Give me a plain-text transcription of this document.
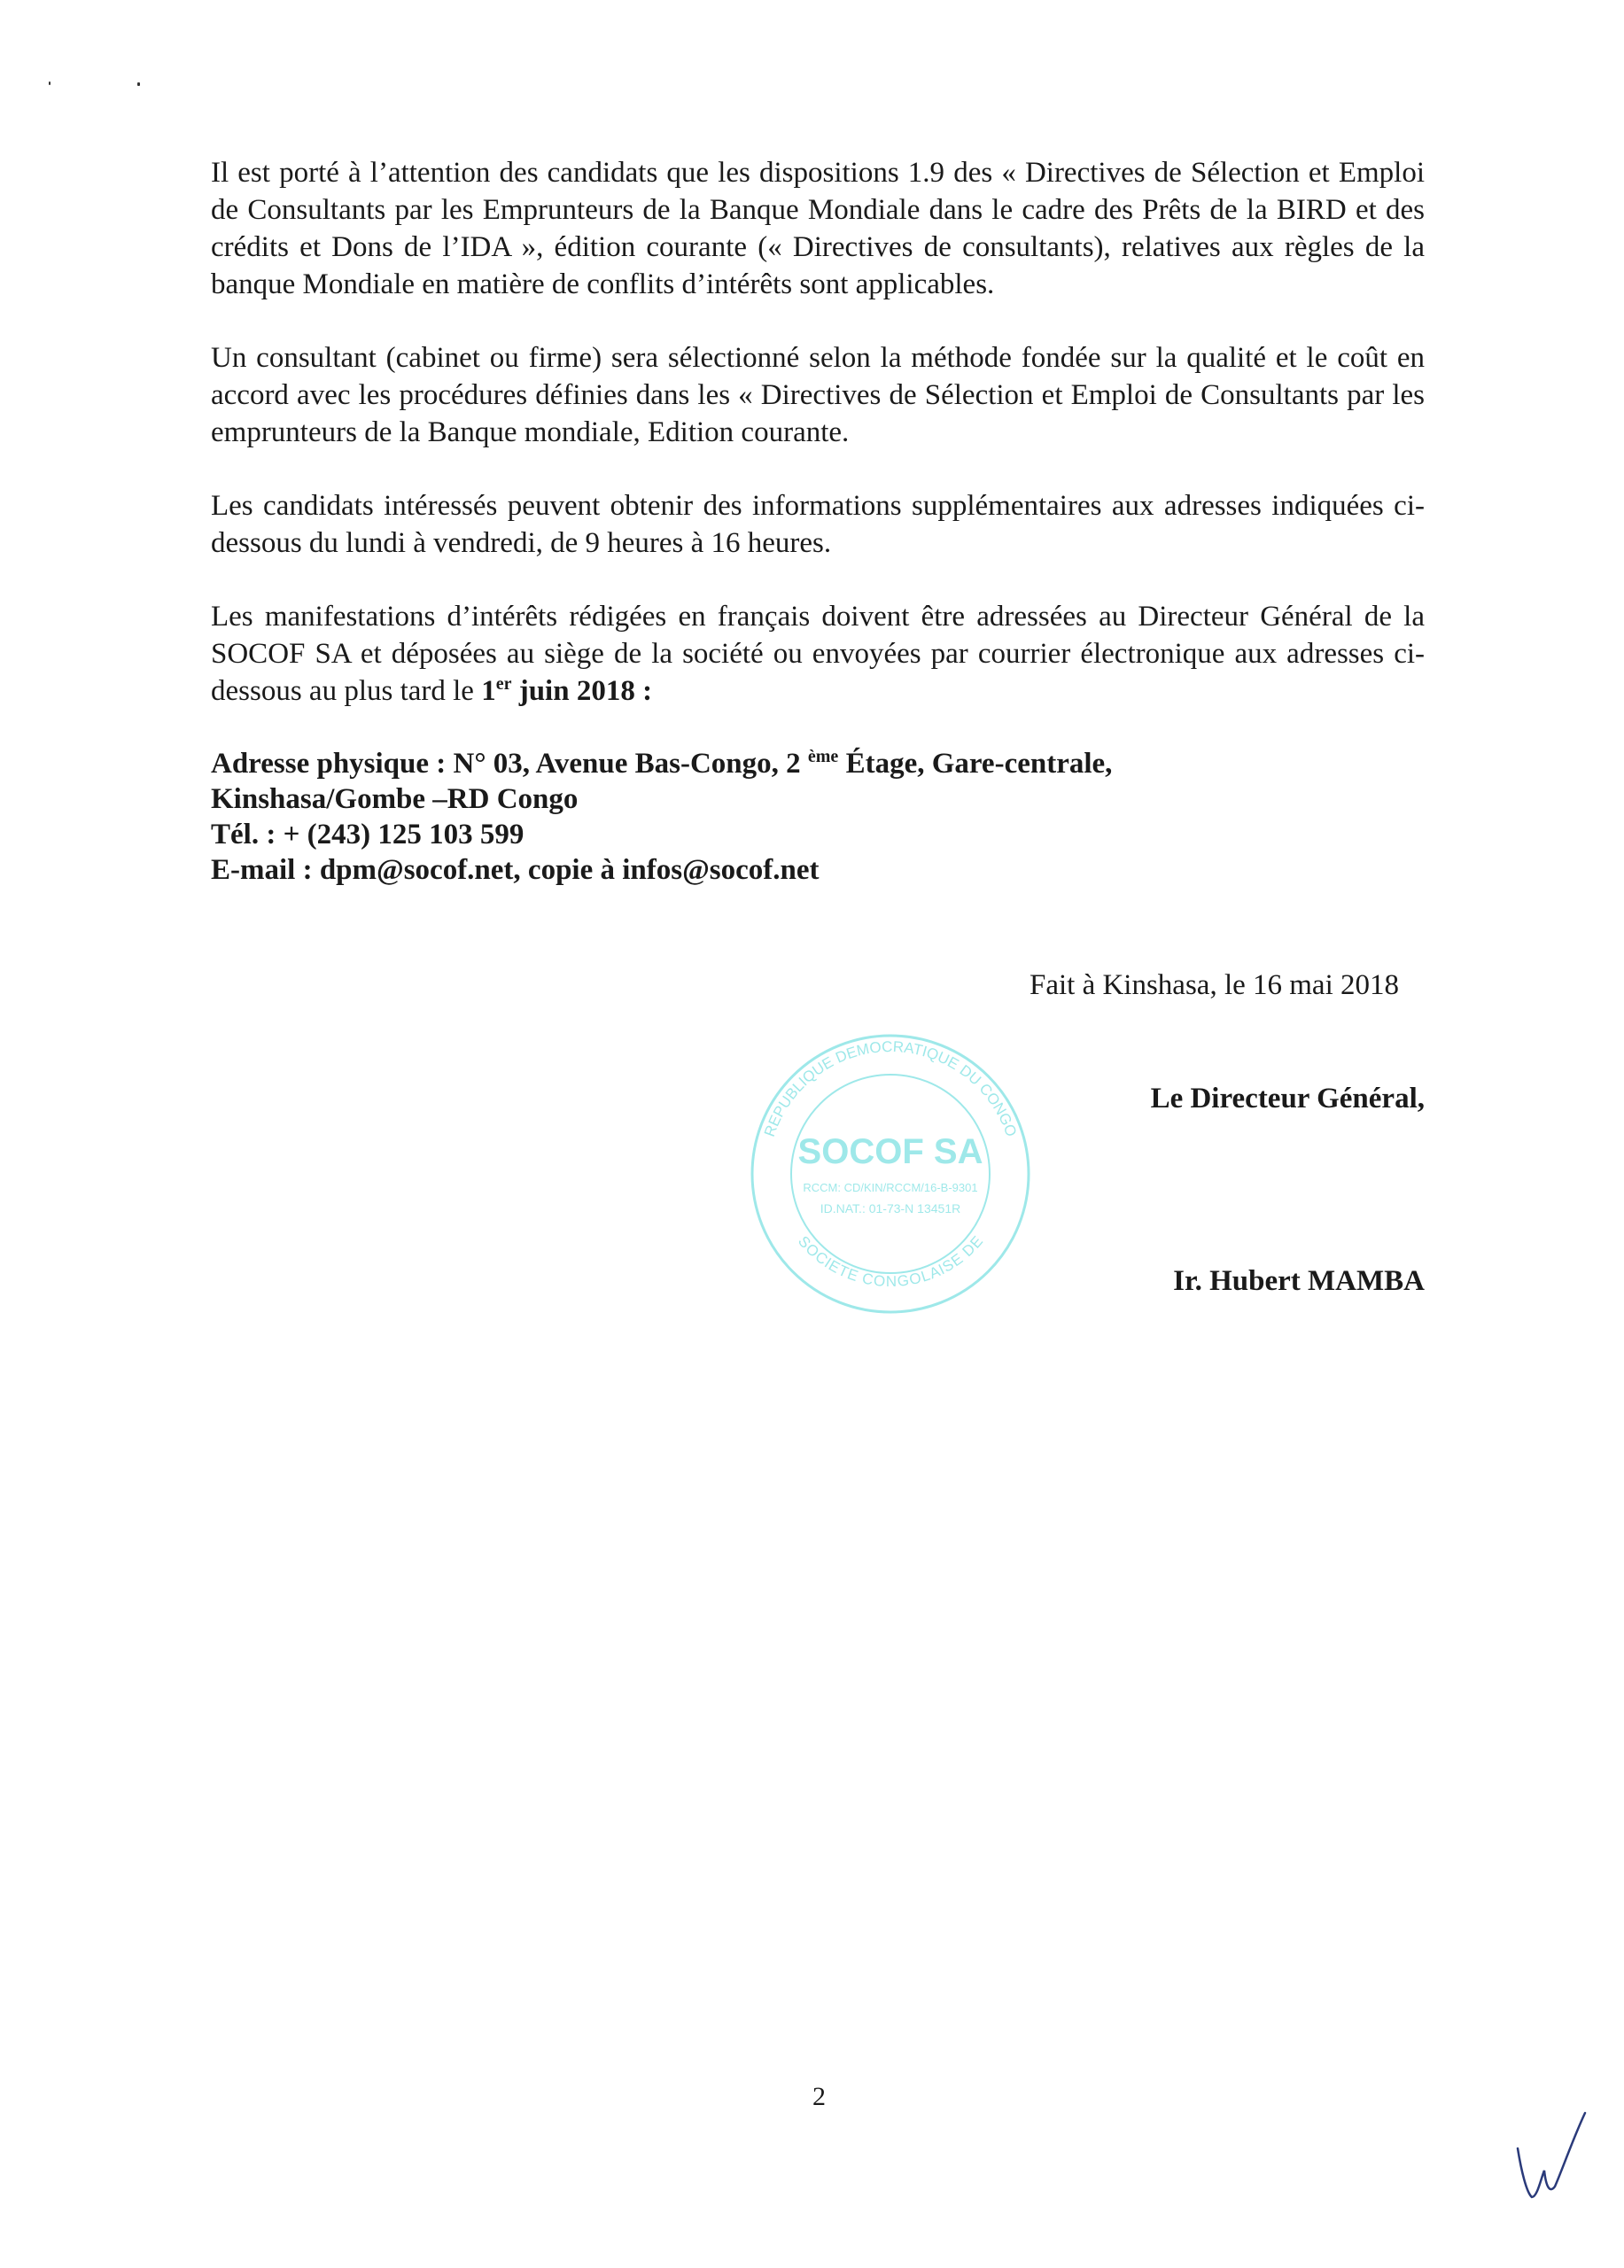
Il est porté à l’attention des candidats que les dispositions 1.9 des « Directives de Sélection et Emploi de Consultants par les Emprunteurs de la Banque Mondiale dans le cadre des Prêts de la BIRD et des crédits et Dons de l’IDA », édition courante (« Directives de consultants), relatives aux règles de la banque Mondiale en matière de conflits d’intérêts sont applicables.

Un consultant (cabinet ou firme) sera sélectionné selon la méthode fondée sur la qualité et le coût en accord avec les procédures définies dans les « Directives de Sélection et Emploi de Consultants par les emprunteurs de la Banque mondiale, Edition courante.

Les candidats intéressés peuvent obtenir des informations supplémentaires aux adresses indiquées ci-dessous du lundi à vendredi, de 9 heures à 16 heures.

Les manifestations d’intérêts rédigées en français doivent être adressées au Directeur Général de la SOCOF SA et déposées au siège de la société ou envoyées par courrier électronique aux adresses ci-dessous au plus tard le 1er juin 2018 :

Adresse physique : N° 03, Avenue Bas-Congo, 2 $^{ème}$ Étage, Gare-centrale,
Kinshasa/Gombe –RD Congo
Tél. : + (243) 125 103 599
E-mail : dpm@socof.net, copie à infos@socof.net
Fait à Kinshasa, le 16 mai 2018
Le Directeur Général,
Ir. Hubert MAMBA
REPUBLIQUE DEMOCRATIQUE DU CONGO
SOCIETE CONGOLAISE DE
SOCOF SA
RCCM: CD/KIN/RCCM/16-B-9301
ID.NAT.: 01-73-N 13451R
2
